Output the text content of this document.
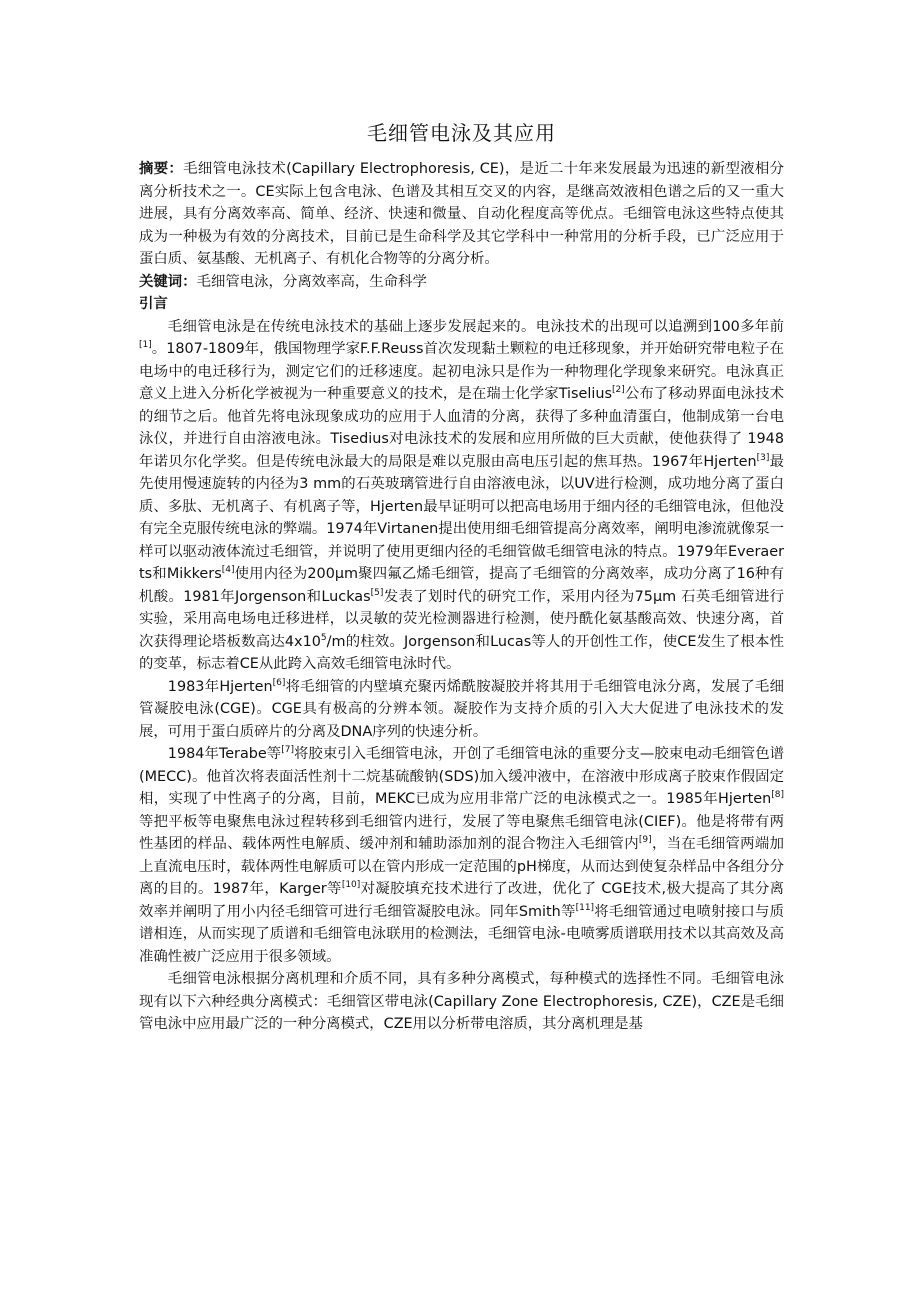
毛细管电泳及其应用

摘要：毛细管电泳技术(Capillary Electrophoresis, CE)，是近二十年来发展最为迅速的新型液相分离分析技术之一。CE实际上包含电泳、色谱及其相互交叉的内容，是继高效液相色谱之后的又一重大进展，具有分离效率高、简单、经济、快速和微量、自动化程度高等优点。毛细管电泳这些特点使其成为一种极为有效的分离技术，目前已是生命科学及其它学科中一种常用的分析手段，已广泛应用于蛋白质、氨基酸、无机离子、有机化合物等的分离分析。

关键词：毛细管电泳，分离效率高，生命科学

引言

毛细管电泳是在传统电泳技术的基础上逐步发展起来的。电泳技术的出现可以追溯到100多年前[1]。1807-1809年，俄国物理学家F.F.Reuss首次发现黏土颗粒的电迁移现象，并开始研究带电粒子在电场中的电迁移行为，测定它们的迁移速度。起初电泳只是作为一种物理化学现象来研究。电泳真正意义上进入分析化学被视为一种重要意义的技术，是在瑞士化学家Tiselius[2]公布了移动界面电泳技术的细节之后。他首先将电泳现象成功的应用于人血清的分离，获得了多种血清蛋白，他制成第一台电泳仪，并进行自由溶液电泳。Tisedius对电泳技术的发展和应用所做的巨大贡献，使他获得了 1948年诺贝尔化学奖。但是传统电泳最大的局限是难以克服由高电压引起的焦耳热。1967年Hjerten[3]最先使用慢速旋转的内径为3 mm的石英玻璃管进行自由溶液电泳，以UV进行检测，成功地分离了蛋白质、多肽、无机离子、有机离子等，Hjerten最早证明可以把高电场用于细内径的毛细管电泳，但他没有完全克服传统电泳的弊端。1974年Virtanen提出使用细毛细管提高分离效率，阐明电渗流就像泵一样可以驱动液体流过毛细管，并说明了使用更细内径的毛细管做毛细管电泳的特点。1979年Everaerts和Mikkers[4]使用内径为200μm聚四氟乙烯毛细管，提高了毛细管的分离效率，成功分离了16种有机酸。1981年Jorgenson和Luckas[5]发表了划时代的研究工作，采用内径为75μm 石英毛细管进行实验，采用高电场电迁移进样，以灵敏的荧光检测器进行检测，使丹酰化氨基酸高效、快速分离，首次获得理论塔板数高达$4x10^5/m$的柱效。Jorgenson和Lucas等人的开创性工作，使CE发生了根本性的变革，标志着CE从此跨入高效毛细管电泳时代。

1983年Hjerten[6]将毛细管的内壁填充聚丙烯酰胺凝胶并将其用于毛细管电泳分离，发展了毛细管凝胶电泳(CGE)。CGE具有极高的分辨本领。凝胶作为支持介质的引入大大促进了电泳技术的发展，可用于蛋白质碎片的分离及DNA序列的快速分析。

1984年Terabe等[7]将胶束引入毛细管电泳，开创了毛细管电泳的重要分支—胶束电动毛细管色谱(MECC)。他首次将表面活性剂十二烷基硫酸钠(SDS)加入缓冲液中，在溶液中形成离子胶束作假固定相，实现了中性离子的分离，目前，MEKC已成为应用非常广泛的电泳模式之一。1985年Hjerten[8]等把平板等电聚焦电泳过程转移到毛细管内进行，发展了等电聚焦毛细管电泳(CIEF)。他是将带有两性基团的样品、载体两性电解质、缓冲剂和辅助添加剂的混合物注入毛细管内[9]，当在毛细管两端加上直流电压时，载体两性电解质可以在管内形成一定范围的pH梯度，从而达到使复杂样品中各组分分离的目的。1987年，Karger等[10]对凝胶填充技术进行了改进，优化了 CGE技术,极大提高了其分离效率并阐明了用小内径毛细管可进行毛细管凝胶电泳。同年Smith等[11]将毛细管通过电喷射接口与质谱相连，从而实现了质谱和毛细管电泳联用的检测法，毛细管电泳-电喷雾质谱联用技术以其高效及高准确性被广泛应用于很多领域。

毛细管电泳根据分离机理和介质不同，具有多种分离模式，每种模式的选择性不同。毛细管电泳现有以下六种经典分离模式：毛细管区带电泳(Capillary Zone Electrophoresis, CZE)，CZE是毛细管电泳中应用最广泛的一种分离模式，CZE用以分析带电溶质，其分离机理是基
